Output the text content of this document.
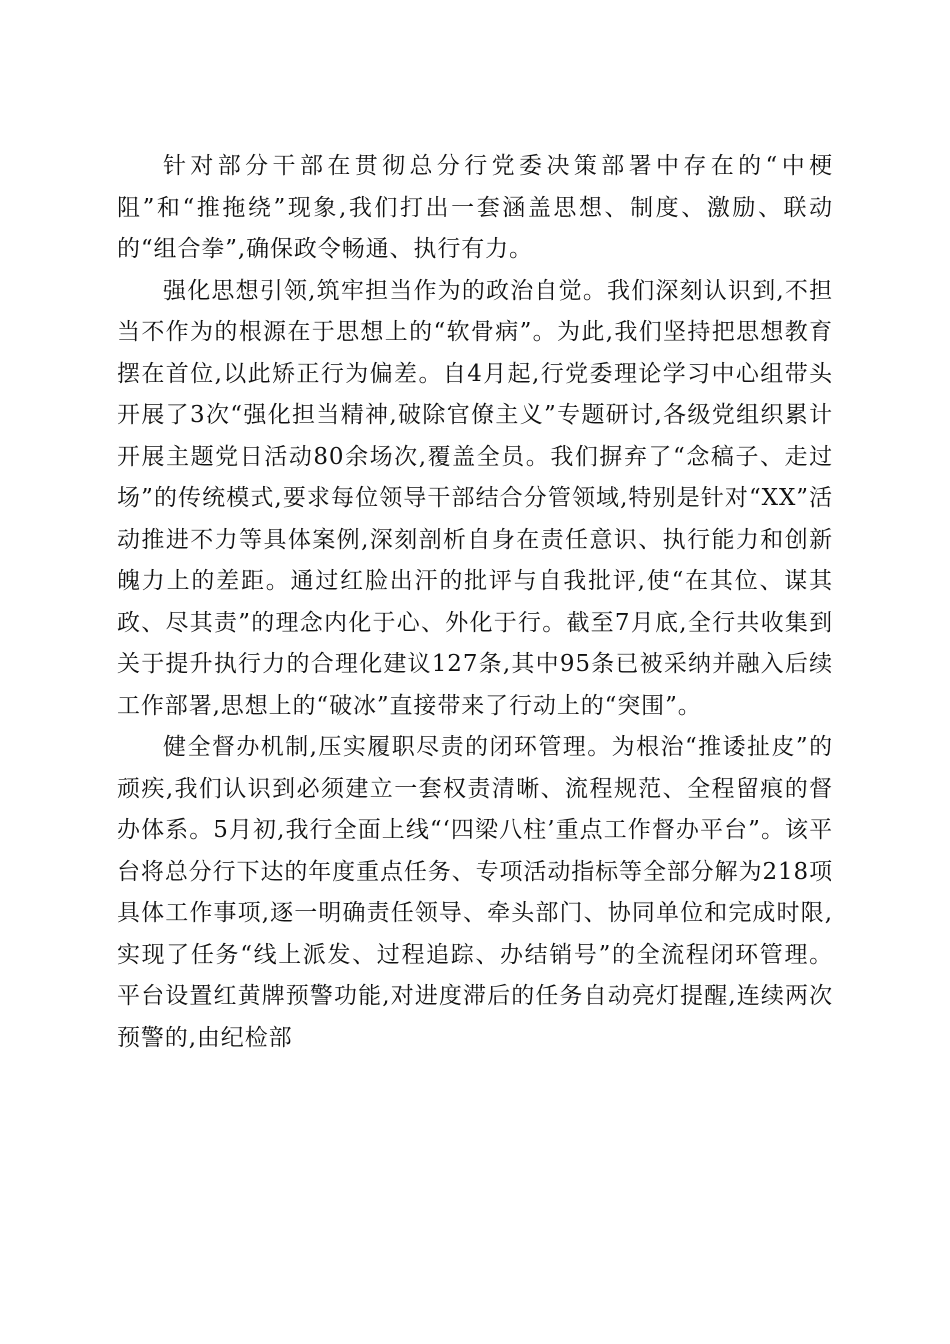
针对部分干部在贯彻总分行党委决策部署中存在的“中梗阻”和“推拖绕”现象,我们打出一套涵盖思想、制度、激励、联动的“组合拳”,确保政令畅通、执行有力。

强化思想引领,筑牢担当作为的政治自觉。我们深刻认识到,不担当不作为的根源在于思想上的“软骨病”。为此,我们坚持把思想教育摆在首位,以此矫正行为偏差。自4月起,行党委理论学习中心组带头开展了3次“强化担当精神,破除官僚主义”专题研讨,各级党组织累计开展主题党日活动80余场次,覆盖全员。我们摒弃了“念稿子、走过场”的传统模式,要求每位领导干部结合分管领域,特别是针对“XX”活动推进不力等具体案例,深刻剖析自身在责任意识、执行能力和创新魄力上的差距。通过红脸出汗的批评与自我批评,使“在其位、谋其政、尽其责”的理念内化于心、外化于行。截至7月底,全行共收集到关于提升执行力的合理化建议127条,其中95条已被采纳并融入后续工作部署,思想上的“破冰”直接带来了行动上的“突围”。

健全督办机制,压实履职尽责的闭环管理。为根治“推诿扯皮”的顽疾,我们认识到必须建立一套权责清晰、流程规范、全程留痕的督办体系。5月初,我行全面上线“‘四梁八柱’重点工作督办平台”。该平台将总分行下达的年度重点任务、专项活动指标等全部分解为218项具体工作事项,逐一明确责任领导、牵头部门、协同单位和完成时限,实现了任务“线上派发、过程追踪、办结销号”的全流程闭环管理。平台设置红黄牌预警功能,对进度滞后的任务自动亮灯提醒,连续两次预警的,由纪检部
